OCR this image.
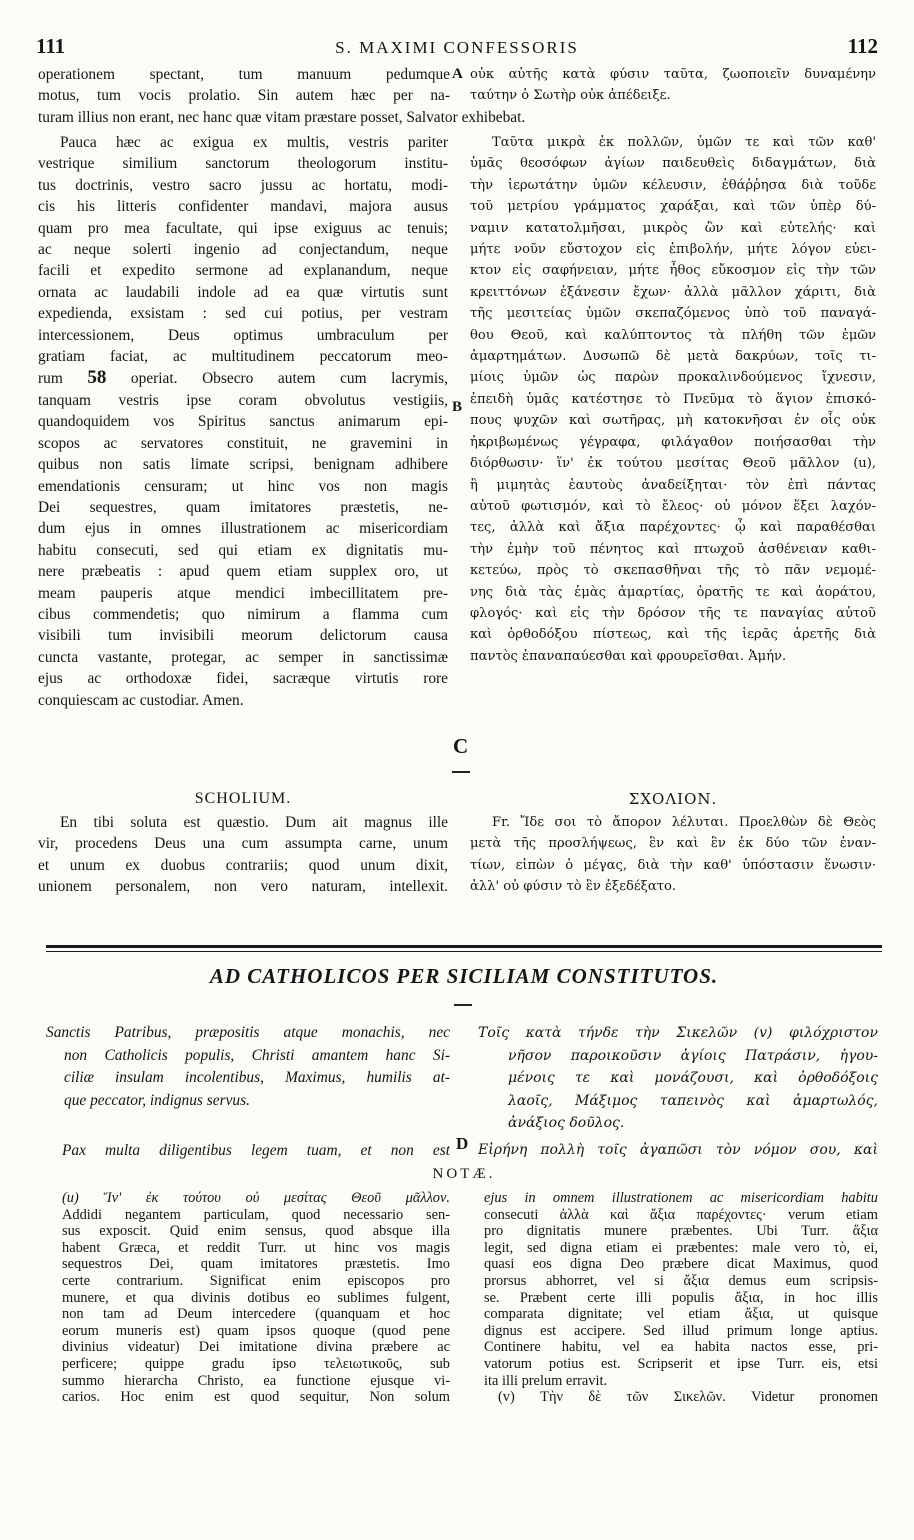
111	S. MAXIMI CONFESSORIS	112
operationem spectant, tum manuum pedumque
motus, tum vocis prolatio. Sin autem hæc per na-
A οὐκ αὐτῆς κατὰ φύσιν ταῦτα, ζωοποιεῖν δυναμένην
ταύτην ὁ Σωτὴρ οὐκ ἀπέδειξε.
turam illius non erant, nec hanc quæ vitam præstare posset, Salvator exhibebat.
Pauca hæc ac exigua ex multis, vestris pariter
vestrique similium sanctorum theologorum institu-
tus doctrinis, vestro sacro jussu ac hortatu, modi-
cis his litteris confidenter mandavi, majora ausus
quam pro mea facultate, qui ipse exiguus ac tenuis;
ac neque solerti ingenio ad conjectandum, neque
facili et expedito sermone ad explanandum, neque
ornata ac laudabili indole ad ea quæ virtutis sunt
expedienda, exsistam : sed cui potius, per vestram
intercessionem, Deus optimus umbraculum per
gratiam faciat, ac multitudinem peccatorum meo-
rum 58 operiat. Obsecro autem cum lacrymis,
tanquam vestris ipse coram obvolutus vestigiis,
quandoquidem vos Spiritus sanctus animarum epi-
scopos ac servatores constituit, ne gravemini in
quibus non satis limate scripsi, benignam adhibere
emendationis censuram; ut hinc vos non magis
Dei sequestres, quam imitatores præstetis, ne-
dum ejus in omnes illustrationem ac misericordiam
habitu consecuti, sed qui etiam ex dignitatis mu-
nere præbeatis : apud quem etiam supplex oro, ut
meam pauperis atque mendici imbecillitatem pre-
cibus commendetis; quo nimirum a flamma cum
visibili tum invisibili meorum delictorum causa
cuncta vastante, protegar, ac semper in sanctissimæ
ejus ac orthodoxæ fidei, sacræque virtutis rore
conquiescam ac custodiar. Amen.
B
Ταῦτα μικρὰ ἐκ πολλῶν, ὑμῶν τε καὶ τῶν καθ'
ὑμᾶς θεοσόφων ἁγίων παιδευθεὶς διδαγμάτων, διὰ
τὴν ἱερωτάτην ὑμῶν κέλευσιν, ἐθάῤῥησα διὰ τοῦδε
τοῦ μετρίου γράμματος χαράξαι, καὶ τῶν ὑπὲρ δύ-
ναμιν κατατολμῆσαι, μικρὸς ὢν καὶ εὐτελής· καὶ
μήτε νοῦν εὔστοχον εἰς ἐπιβολήν, μήτε λόγον εὐει-
κτον εἰς σαφήνειαν, μήτε ἦθος εὔκοσμον εἰς τὴν τῶν
κρειττόνων ἐξάνεσιν ἔχων· ἀλλὰ μᾶλλον χάριτι, διὰ
τῆς μεσιτείας ὑμῶν σκεπαζόμενος ὑπὸ τοῦ παναγά-
θου Θεοῦ, καὶ καλύπτοντος τὰ πλήθη τῶν ἐμῶν
ἁμαρτημάτων. Δυσωπῶ δὲ μετὰ δακρύων, τοῖς τι-
μίοις ὑμῶν ὡς παρὼν προκαλινδούμενος ἴχνεσιν,
ἐπειδὴ ὑμᾶς κατέστησε τὸ Πνεῦμα τὸ ἅγιον ἐπισκό-
πους ψυχῶν καὶ σωτῆρας, μὴ κατοκνῆσαι ἐν οἷς οὐκ
ἠκριβωμένως γέγραφα, φιλάγαθον ποιήσασθαι τὴν
διόρθωσιν· ἵν' ἐκ τούτου μεσίτας Θεοῦ μᾶλλον (u),
ἢ μιμητὰς ἑαυτοὺς ἀναδείξηται· τὸν ἐπὶ πάντας
αὐτοῦ φωτισμόν, καὶ τὸ ἔλεος· οὐ μόνον ἕξει λαχόν-
τες, ἀλλὰ καὶ ἄξια παρέχοντες· ᾧ καὶ παραθέσθαι
τὴν ἐμὴν τοῦ πένητος καὶ πτωχοῦ ἀσθένειαν καθι-
κετεύω, πρὸς τὸ σκεπασθῆναι τῆς τὸ πᾶν νεμομέ-
νης διὰ τὰς ἐμὰς ἁμαρτίας, ὁρατῆς τε καὶ ἀοράτου,
φλογός· καὶ εἰς τὴν δρόσον τῆς τε παναγίας αὐτοῦ
καὶ ὀρθοδόξου πίστεως, καὶ τῆς ἱερᾶς ἀρετῆς διὰ
παντὸς ἐπαναπαύεσθαι καὶ φρουρεῖσθαι. Ἀμήν.
C
SCHOLIUM.	ΣΧΟΛΙΟΝ.
En tibi soluta est quæstio. Dum ait magnus ille
vir, procedens Deus una cum assumpta carne, unum
et unum ex duobus contrariis; quod unum dixit,
unionem personalem, non vero naturam, intellexit.
Fr. Ἴδε σοι τὸ ἄπορον λέλυται. Προελθὼν δὲ Θεὸς
μετὰ τῆς προσλήψεως, ἓν καὶ ἓν ἐκ δύο τῶν ἐναν-
τίων, εἰπὼν ὁ μέγας, διὰ τὴν καθ' ὑπόστασιν ἕνωσιν·
ἀλλ' οὐ φύσιν τὸ ἓν ἐξεδέξατο.
AD CATHOLICOS PER SICILIAM CONSTITUTOS.
Sanctis Patribus, præpositis atque monachis, nec
non Catholicis populis, Christi amantem hanc Si-
ciliæ insulam incolentibus, Maximus, humilis at-
que peccator, indignus servus.
Τοῖς κατὰ τήνδε τὴν Σικελῶν (v) φιλόχριστον
νῆσον παροικοῦσιν ἁγίοις Πατράσιν, ἡγου-
μένοις τε καὶ μονάζουσι, καὶ ὀρθοδόξοις
λαοῖς, Μάξιμος ταπεινὸς καὶ ἁμαρτωλός,
ἀνάξιος δοῦλος.
Pax multa diligentibus legem tuam, et non est D Εἰρήνη πολλὴ τοῖς ἀγαπῶσι τὸν νόμον σου, καὶ
NOTÆ.
(u) Ἵν' ἐκ τούτου οὐ μεσίτας Θεοῦ μᾶλλον.
Addidi negantem particulam, quod necessario sen-
sus exposcit. Quid enim sensus, quod absque illa
habent Græca, et reddit Turr. ut hinc vos magis
sequestros Dei, quam imitatores præstetis. Imo
certe contrarium. Significat enim episcopos pro
munere, et qua divinis dotibus eo sublimes fulgent,
non tam ad Deum intercedere (quanquam et hoc
eorum muneris est) quam ipsos quoque (quod pene
divinius videatur) Dei imitatione divina præbere ac
perficere; quippe gradu ipso τελειωτικοῦς, sub
summo hierarcha Christo, ea functione ejusque vi-
carios. Hoc enim est quod sequitur, Non solum
ejus in omnem illustrationem ac misericordiam habitu
consecuti ἀλλὰ καὶ ἄξια παρέχοντες· verum etiam
pro dignitatis munere præbentes. Ubi Turr. ἄξια
legit, sed digna etiam ei præbentes: male vero τὸ, ei,
quasi eos digna Deo præbere dicat Maximus, quod
prorsus abhorret, vel si ἄξια demus eum scripsis-
se. Præbent certe illi populis ἄξια, in hoc illis
comparata dignitate; vel etiam ἄξια, ut quisque
dignus est accipere. Sed illud primum longe aptius.
Continere habitu, vel ea habita nactos esse, pri-
vatorum potius est. Scripserit et ipse Turr. eis, etsi
ita illi prelum erravit.
(v) Τὴν δὲ τῶν Σικελῶν. Videtur pronomen
